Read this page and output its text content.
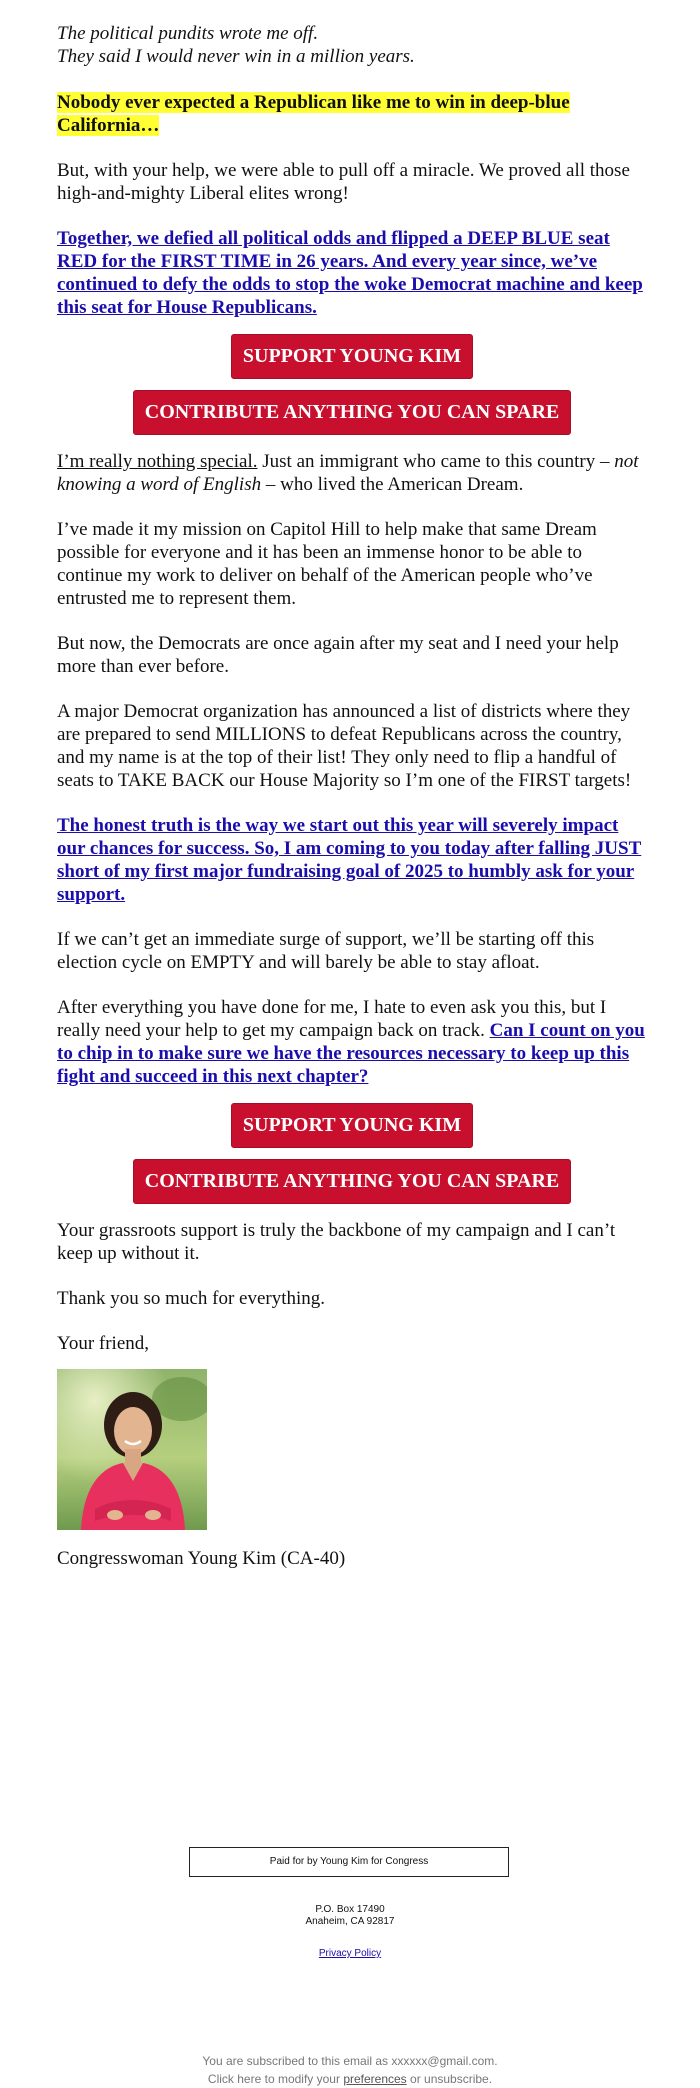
The political pundits wrote me off.
They said I would never win in a million years.

Nobody ever expected a Republican like me to win in deep-blue California…

But, with your help, we were able to pull off a miracle. We proved all those high-and-mighty Liberal elites wrong!

Together, we defied all political odds and flipped a DEEP BLUE seat RED for the FIRST TIME in 26 years. And every year since, we’ve continued to defy the odds to stop the woke Democrat machine and keep this seat for House Republicans.

SUPPORT YOUNG KIM
CONTRIBUTE ANYTHING YOU CAN SPARE

I’m really nothing special. Just an immigrant who came to this country – not knowing a word of English – who lived the American Dream.

I’ve made it my mission on Capitol Hill to help make that same Dream possible for everyone and it has been an immense honor to be able to continue my work to deliver on behalf of the American people who’ve entrusted me to represent them.

But now, the Democrats are once again after my seat and I need your help more than ever before.

A major Democrat organization has announced a list of districts where they are prepared to send MILLIONS to defeat Republicans across the country, and my name is at the top of their list! They only need to flip a handful of seats to TAKE BACK our House Majority so I’m one of the FIRST targets!

The honest truth is the way we start out this year will severely impact our chances for success. So, I am coming to you today after falling JUST short of my first major fundraising goal of 2025 to humbly ask for your support.

If we can’t get an immediate surge of support, we’ll be starting off this election cycle on EMPTY and will barely be able to stay afloat.

After everything you have done for me, I hate to even ask you this, but I really need your help to get my campaign back on track. Can I count on you to chip in to make sure we have the resources necessary to keep up this fight and succeed in this next chapter?

SUPPORT YOUNG KIM
CONTRIBUTE ANYTHING YOU CAN SPARE

Your grassroots support is truly the backbone of my campaign and I can’t keep up without it.

Thank you so much for everything.

Your friend,

Congresswoman Young Kim (CA-40)

Paid for by Young Kim for Congress
P.O. Box 17490
Anaheim, CA 92817
Privacy Policy
You are subscribed to this email as xxxxxx@gmail.com.
Click here to modify your preferences or unsubscribe.
